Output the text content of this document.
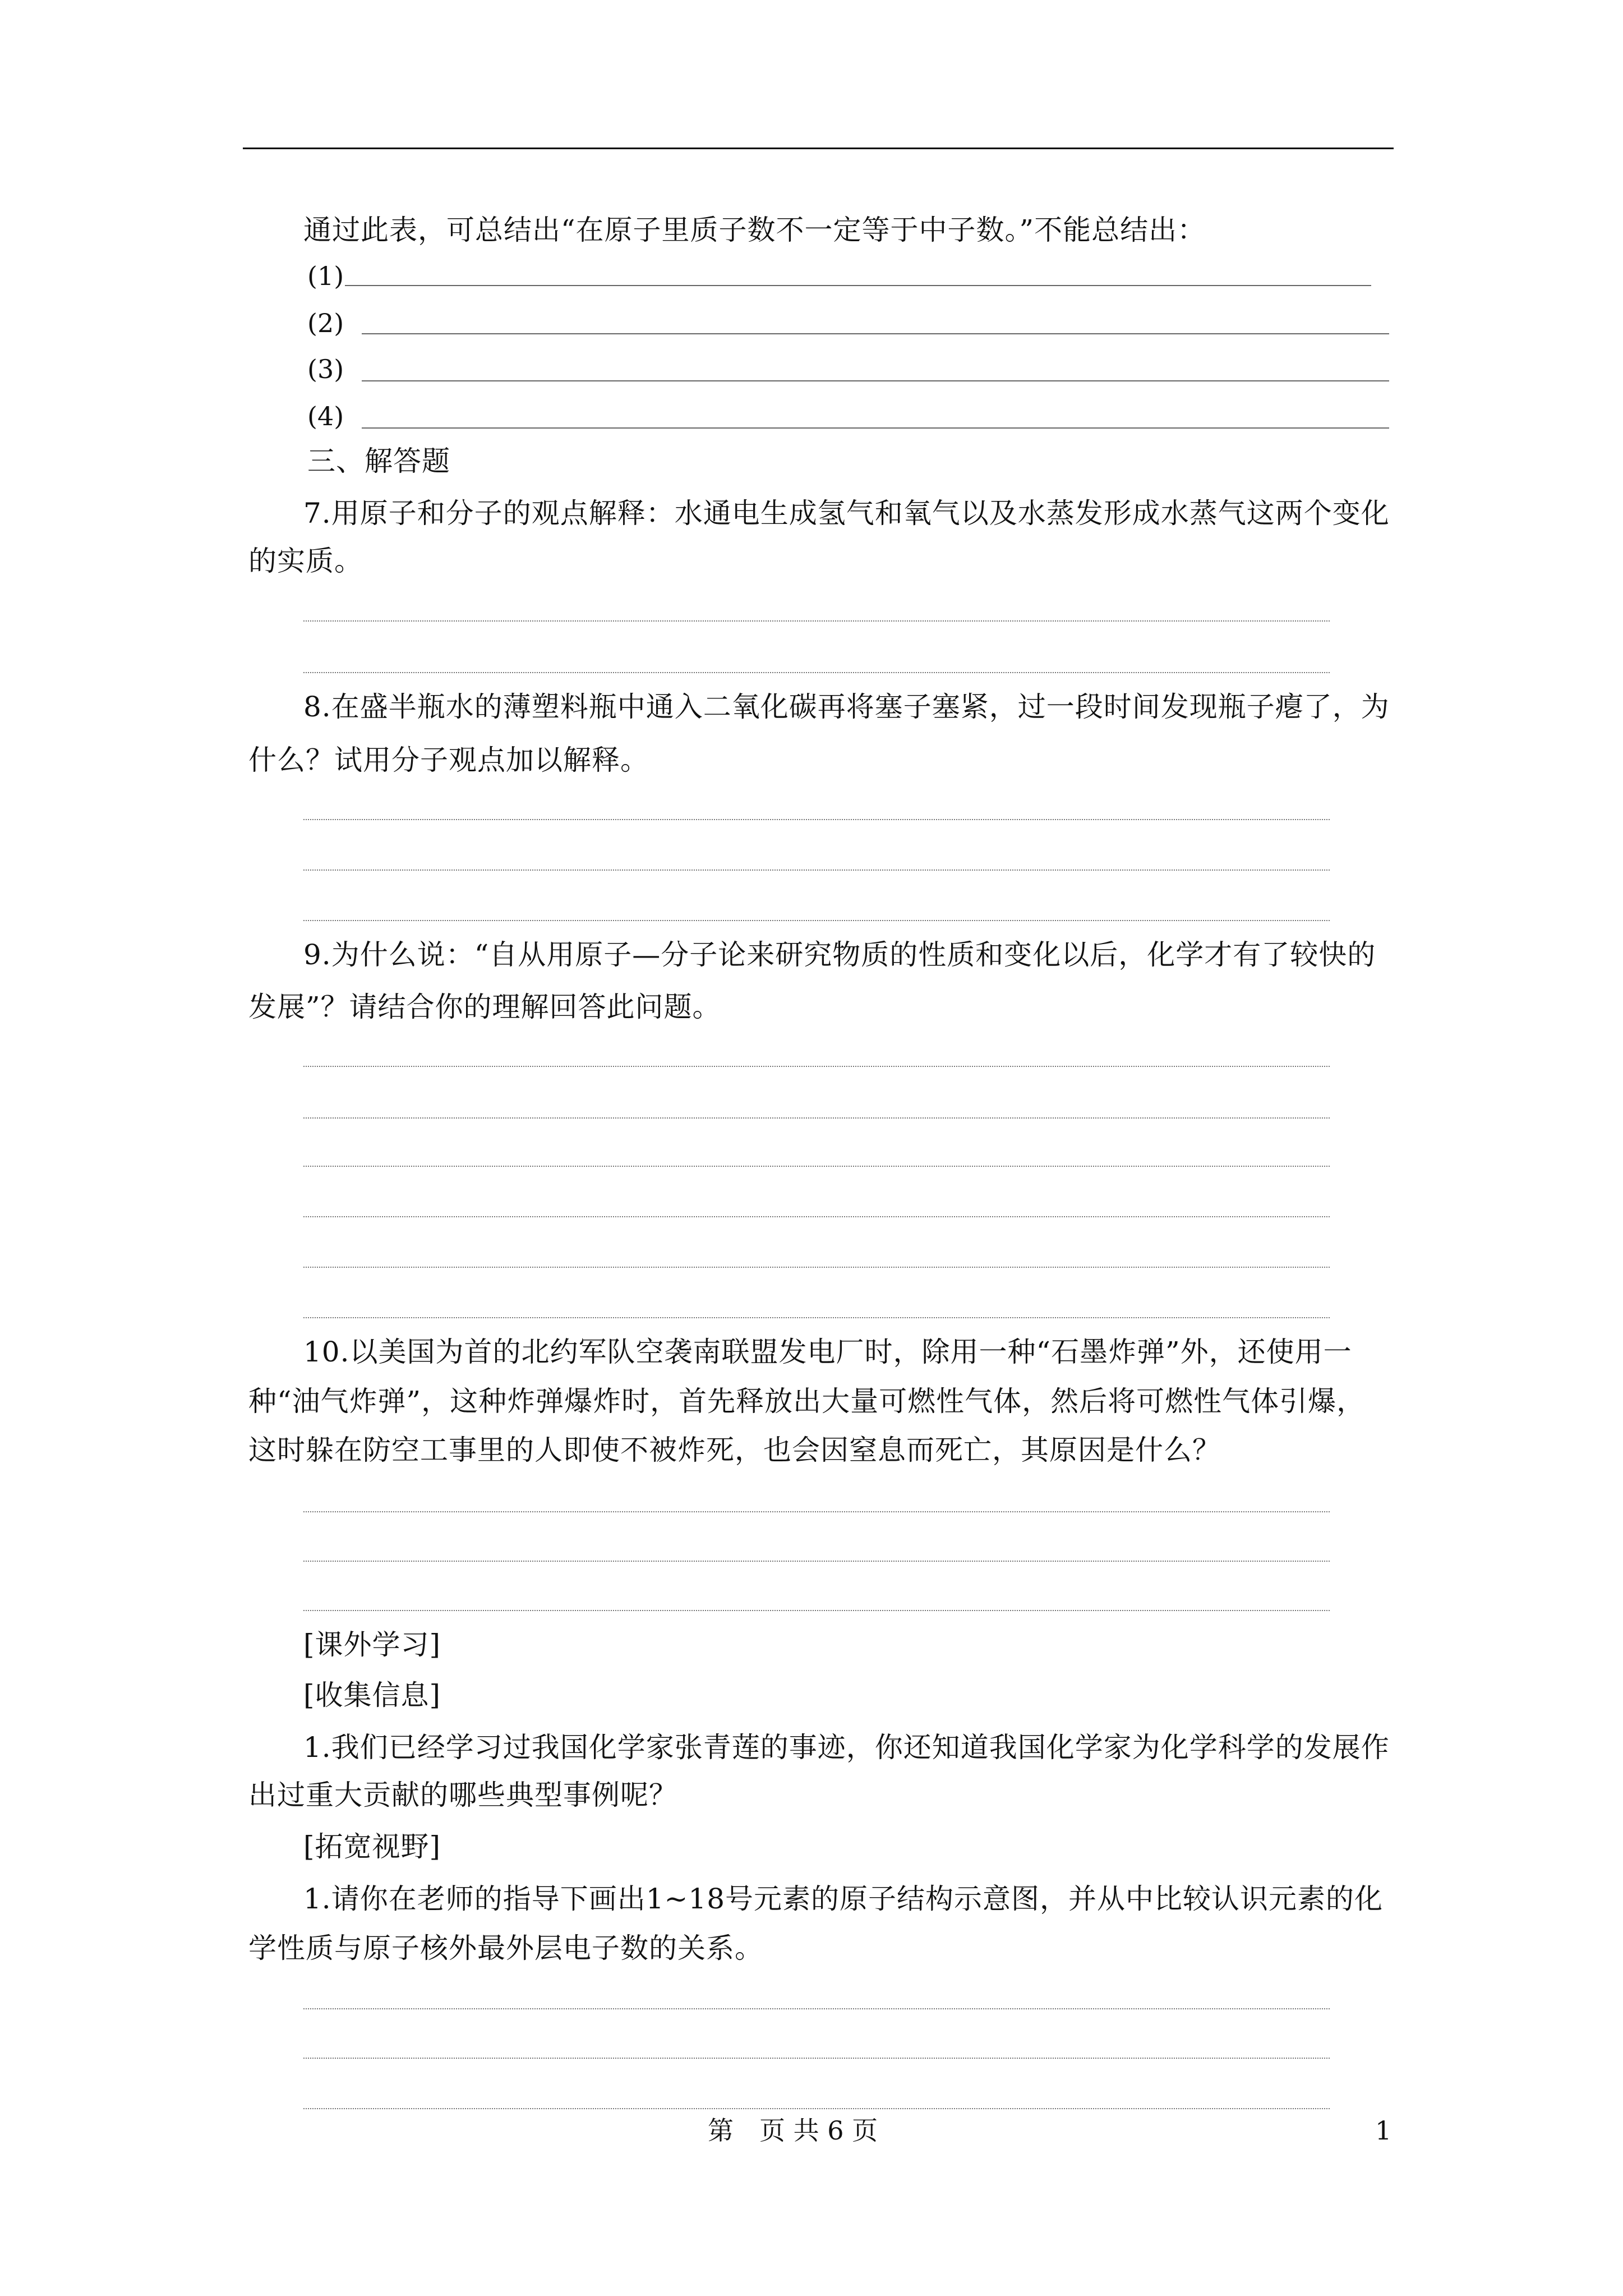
通过此表，可总结出“在原子里质子数不一定等于中子数。”不能总结出：
(1)
(2)
(3)
(4)
三、解答题
7.用原子和分子的观点解释：水通电生成氢气和氧气以及水蒸发形成水蒸气这两个变化
的实质。
8.在盛半瓶水的薄塑料瓶中通入二氧化碳再将塞子塞紧，过一段时间发现瓶子瘪了，为
什么？试用分子观点加以解释。
9.为什么说：“自从用原子—分子论来研究物质的性质和变化以后，化学才有了较快的
发展”？请结合你的理解回答此问题。
10.以美国为首的北约军队空袭南联盟发电厂时，除用一种“石墨炸弹”外，还使用一
种“油气炸弹”，这种炸弹爆炸时，首先释放出大量可燃性气体，然后将可燃性气体引爆，
这时躲在防空工事里的人即使不被炸死，也会因窒息而死亡，其原因是什么？
[课外学习]
[收集信息]
1.我们已经学习过我国化学家张青莲的事迹，你还知道我国化学家为化学科学的发展作
出过重大贡献的哪些典型事例呢？
[拓宽视野]
1.请你在老师的指导下画出1~18号元素的原子结构示意图，并从中比较认识元素的化
学性质与原子核外最外层电子数的关系。
第　页 共 6 页	1
